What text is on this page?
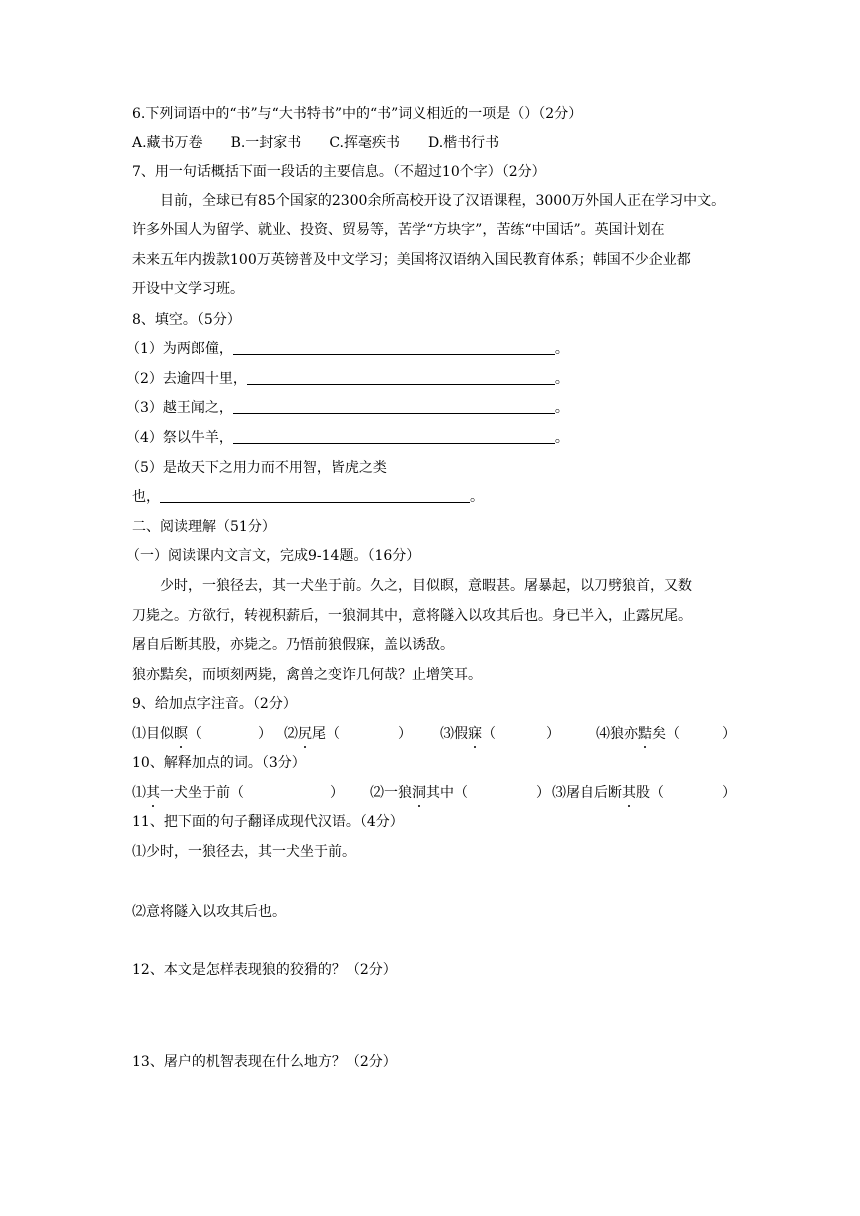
6.下列词语中的“书”与“大书特书”中的“书”词义相近的一项是（）（2分）
A.藏书万卷 B.一封家书 C.挥毫疾书 D.楷书行书
7、用一句话概括下面一段话的主要信息。（不超过10个字）（2分）
目前，全球已有85个国家的2300余所高校开设了汉语课程，3000万外国人正在学习中文。
许多外国人为留学、就业、投资、贸易等，苦学“方块字”，苦练“中国话”。英国计划在
未来五年内拨款100万英镑普及中文学习；美国将汉语纳入国民教育体系；韩国不少企业都
开设中文学习班。
8、填空。（5分）
（1）为两郎僮，	。
（2）去逾四十里，	。
（3）越王闻之，	。
（4）祭以牛羊，	。
（5）是故天下之用力而不用智，皆虎之类
也，	。
二、阅读理解（51分）
（一）阅读课内文言文，完成9-14题。（16分）
少时，一狼径去，其一犬坐于前。久之，目似瞑，意暇甚。屠暴起，以刀劈狼首，又数
刀毙之。方欲行，转视积薪后，一狼洞其中，意将隧入以攻其后也。身已半入，止露尻尾。
屠自后断其股，亦毙之。乃悟前狼假寐，盖以诱敌。
狼亦黠矣，而顷刻两毙，禽兽之变诈几何哉？止增笑耳。
9、给加点字注音。（2分）
⑴目似瞑（	） ⑵尻尾（	） ⑶假寐（	）	⑷狼亦黠矣（	）
10、解释加点的词。（3分）
⑴其一犬坐于前（	） ⑵一狼洞其中（	） ⑶屠自后断其股（	）
11、把下面的句子翻译成现代汉语。（4分）
⑴少时，一狼径去，其一犬坐于前。
⑵意将隧入以攻其后也。
12、本文是怎样表现狼的狡猾的？（2分）
13、屠户的机智表现在什么地方？（2分）
